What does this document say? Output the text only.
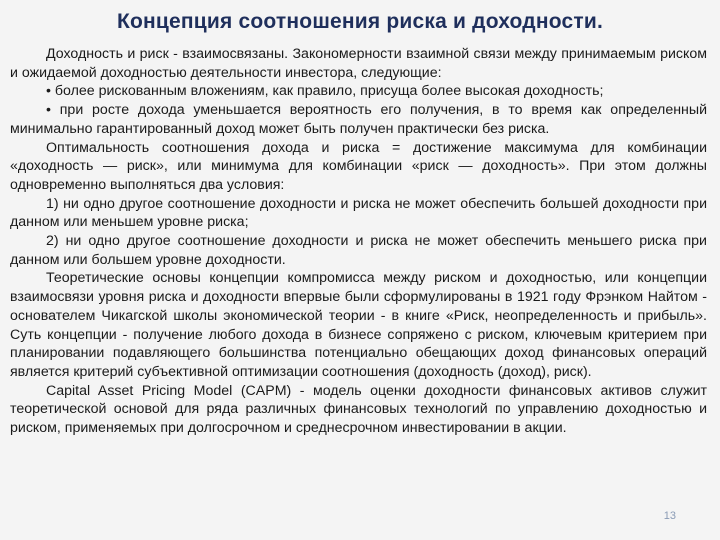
Концепция соотношения риска и доходности.

Доходность и риск - взаимосвязаны. Закономерности взаимной связи между принимаемым риском и ожидаемой доходностью деятельности инвестора, следующие:

• более рискованным вложениям, как правило, присуща более высокая доходность;

• при росте дохода уменьшается вероятность его получения, в то время как определенный минимально гарантированный доход может быть получен практически без риска.

Оптимальность соотношения дохода и риска = достижение максимума для комбинации «доходность — риск», или минимума для комбинации «риск — доходность». При этом должны одновременно выполняться два условия:

1) ни одно другое соотношение доходности и риска не может обеспечить большей доходности при данном или меньшем уровне риска;

2) ни одно другое соотношение доходности и риска не может обеспечить меньшего риска при данном или большем уровне доходности.

Теоретические основы концепции компромисса между риском и доходностью, или концепции взаимосвязи уровня риска и доходности впервые были сформулированы в 1921 году Фрэнком Найтом - основателем Чикагской школы экономической теории - в книге «Риск, неопределенность и прибыль». Суть концепции - получение любого дохода в бизнесе сопряжено с риском, ключевым критерием при планировании подавляющего большинства потенциально обещающих доход финансовых операций является критерий субъективной оптимизации соотношения (доходность (доход), риск).

Capital Asset Pricing Model (CAPM) - модель оценки доходности финансовых активов служит теоретической основой для ряда различных финансовых технологий по управлению доходностью и риском, применяемых при долгосрочном и среднесрочном инвестировании в акции.

13
